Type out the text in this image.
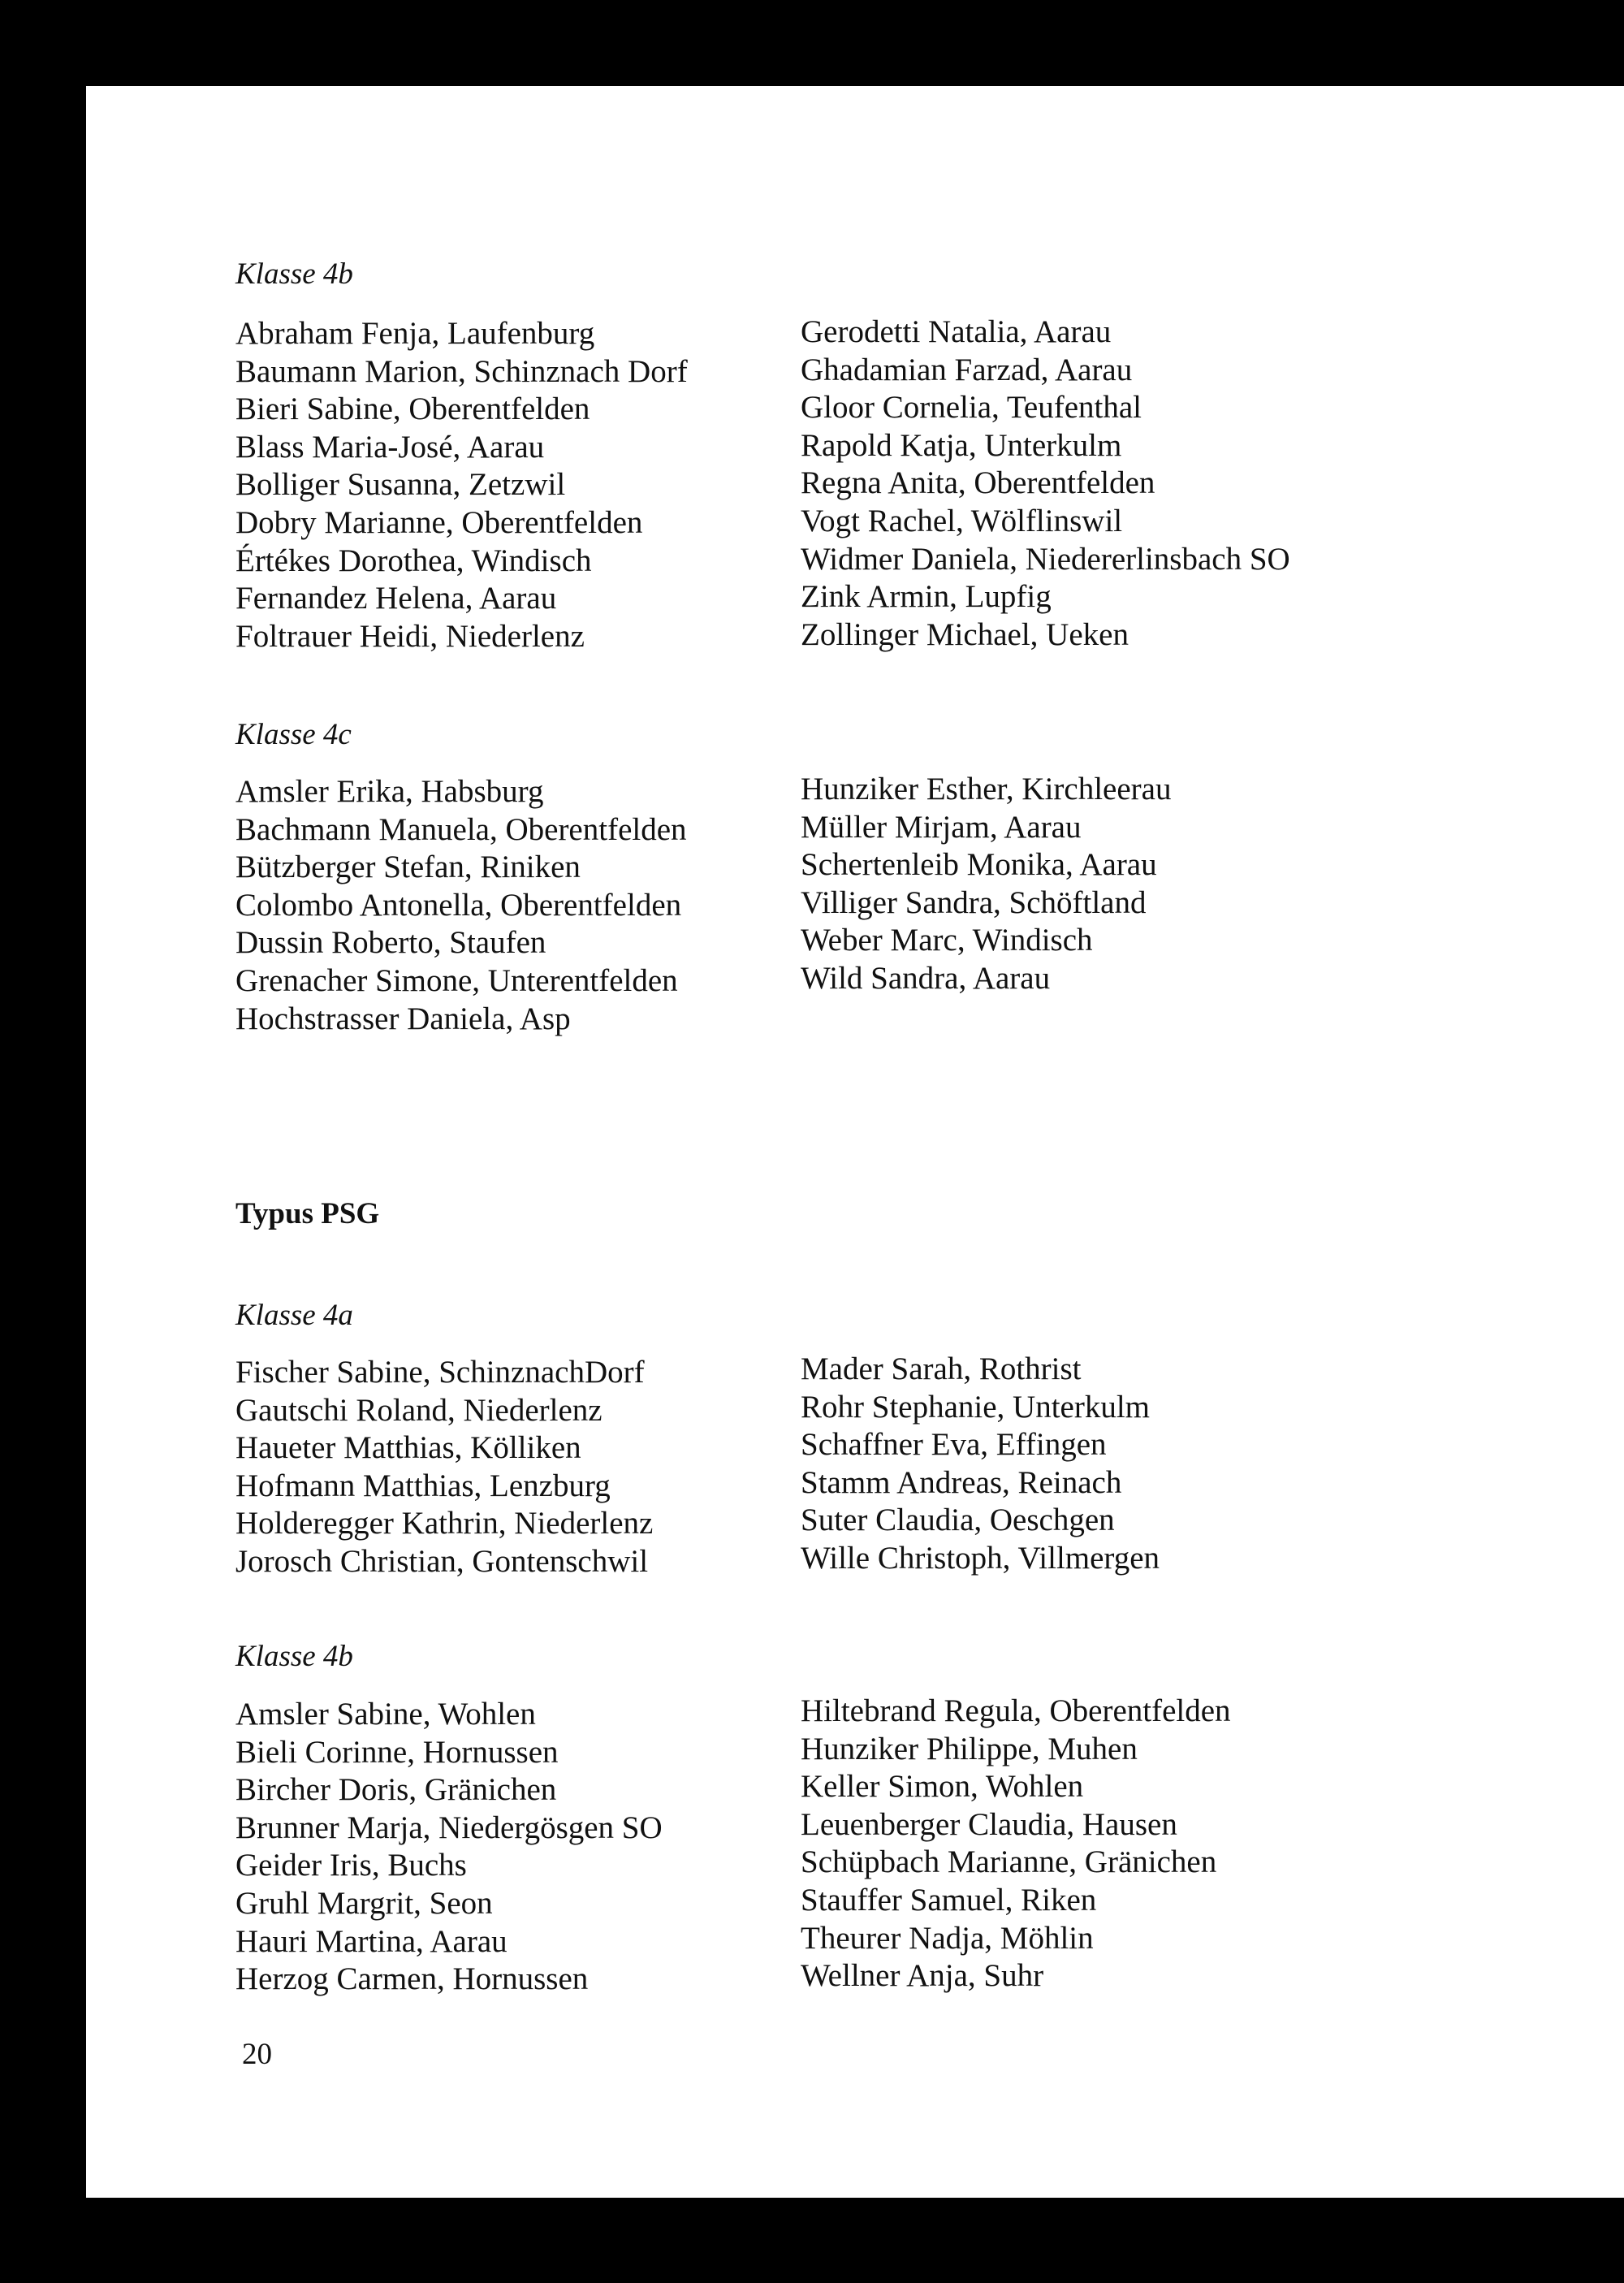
Klasse 4b
Abraham Fenja, Laufenburg
Baumann Marion, Schinznach Dorf
Bieri Sabine, Oberentfelden
Blass Maria-José, Aarau
Bolliger Susanna, Zetzwil
Dobry Marianne, Oberentfelden
Értékes Dorothea, Windisch
Fernandez Helena, Aarau
Foltrauer Heidi, Niederlenz
Gerodetti Natalia, Aarau
Ghadamian Farzad, Aarau
Gloor Cornelia, Teufenthal
Rapold Katja, Unterkulm
Regna Anita, Oberentfelden
Vogt Rachel, Wölflinswil
Widmer Daniela, Niedererlinsbach SO
Zink Armin, Lupfig
Zollinger Michael, Ueken
Klasse 4c
Amsler Erika, Habsburg
Bachmann Manuela, Oberentfelden
Bützberger Stefan, Riniken
Colombo Antonella, Oberentfelden
Dussin Roberto, Staufen
Grenacher Simone, Unterentfelden
Hochstrasser Daniela, Asp
Hunziker Esther, Kirchleerau
Müller Mirjam, Aarau
Schertenleib Monika, Aarau
Villiger Sandra, Schöftland
Weber Marc, Windisch
Wild Sandra, Aarau
Typus PSG
Klasse 4a
Fischer Sabine, SchinznachDorf
Gautschi Roland, Niederlenz
Haueter Matthias, Kölliken
Hofmann Matthias, Lenzburg
Holderegger Kathrin, Niederlenz
Jorosch Christian, Gontenschwil
Mader Sarah, Rothrist
Rohr Stephanie, Unterkulm
Schaffner Eva, Effingen
Stamm Andreas, Reinach
Suter Claudia, Oeschgen
Wille Christoph, Villmergen
Klasse 4b
Amsler Sabine, Wohlen
Bieli Corinne, Hornussen
Bircher Doris, Gränichen
Brunner Marja, Niedergösgen SO
Geider Iris, Buchs
Gruhl Margrit, Seon
Hauri Martina, Aarau
Herzog Carmen, Hornussen
Hiltebrand Regula, Oberentfelden
Hunziker Philippe, Muhen
Keller Simon, Wohlen
Leuenberger Claudia, Hausen
Schüpbach Marianne, Gränichen
Stauffer Samuel, Riken
Theurer Nadja, Möhlin
Wellner Anja, Suhr

20
